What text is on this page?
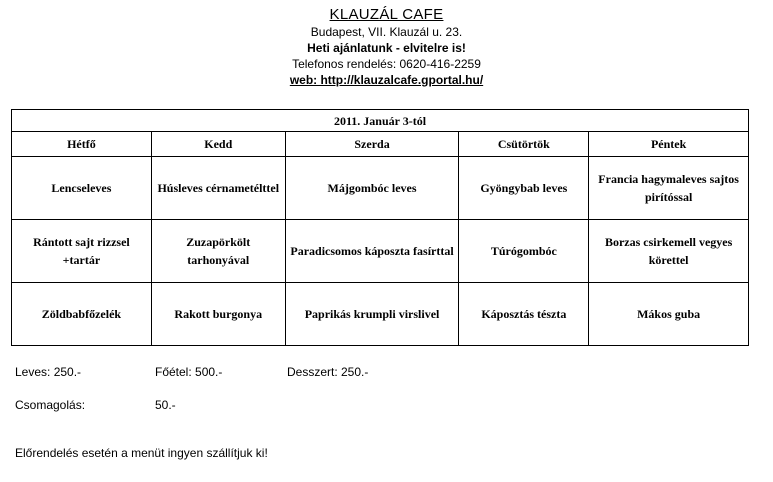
KLAUZÁL CAFE
Budapest, VII. Klauzál u. 23.
Heti ajánlatunk - elvitelre is!
Telefonos rendelés: 0620-416-2259
web: http://klauzalcafe.gportal.hu/
2011. Január 3-tól				
Hétfő	Kedd	Szerda	Csütörtök	Péntek
Lencseleves	Húsleves cérnametélttel	Májgombóc leves	Gyöngybab leves	Francia hagymaleves sajtos pirítóssal
Rántott sajt rizzsel +tartár	Zuzapörkölt tarhonyával	Paradicsomos káposzta fasírttal	Túrógombóc	Borzas csirkemell vegyes körettel
Zöldbabfőzelék	Rakott burgonya	Paprikás krumpli virslivel	Káposztás tészta	Mákos guba
Leves: 250.-	Főétel: 500.-	Desszert: 250.-
Csomagolás:	50.-
Előrendelés esetén a menüt ingyen szállítjuk ki!
